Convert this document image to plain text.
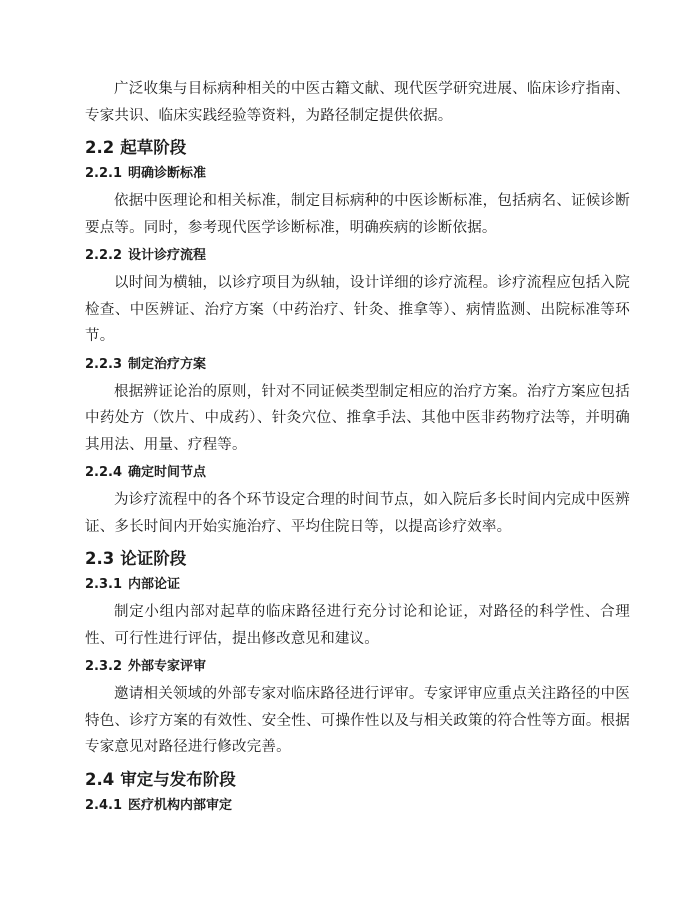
广泛收集与目标病种相关的中医古籍文献、现代医学研究进展、临床诊疗指南、专家共识、临床实践经验等资料，为路径制定提供依据。

2.2 起草阶段
2.2.1 明确诊断标准

依据中医理论和相关标准，制定目标病种的中医诊断标准，包括病名、证候诊断要点等。同时，参考现代医学诊断标准，明确疾病的诊断依据。

2.2.2 设计诊疗流程

以时间为横轴，以诊疗项目为纵轴，设计详细的诊疗流程。诊疗流程应包括入院检查、中医辨证、治疗方案（中药治疗、针灸、推拿等）、病情监测、出院标准等环节。

2.2.3 制定治疗方案

根据辨证论治的原则，针对不同证候类型制定相应的治疗方案。治疗方案应包括中药处方（饮片、中成药）、针灸穴位、推拿手法、其他中医非药物疗法等，并明确其用法、用量、疗程等。

2.2.4 确定时间节点

为诊疗流程中的各个环节设定合理的时间节点，如入院后多长时间内完成中医辨证、多长时间内开始实施治疗、平均住院日等，以提高诊疗效率。

2.3 论证阶段
2.3.1 内部论证

制定小组内部对起草的临床路径进行充分讨论和论证，对路径的科学性、合理性、可行性进行评估，提出修改意见和建议。

2.3.2 外部专家评审

邀请相关领域的外部专家对临床路径进行评审。专家评审应重点关注路径的中医特色、诊疗方案的有效性、安全性、可操作性以及与相关政策的符合性等方面。根据专家意见对路径进行修改完善。

2.4 审定与发布阶段
2.4.1 医疗机构内部审定
